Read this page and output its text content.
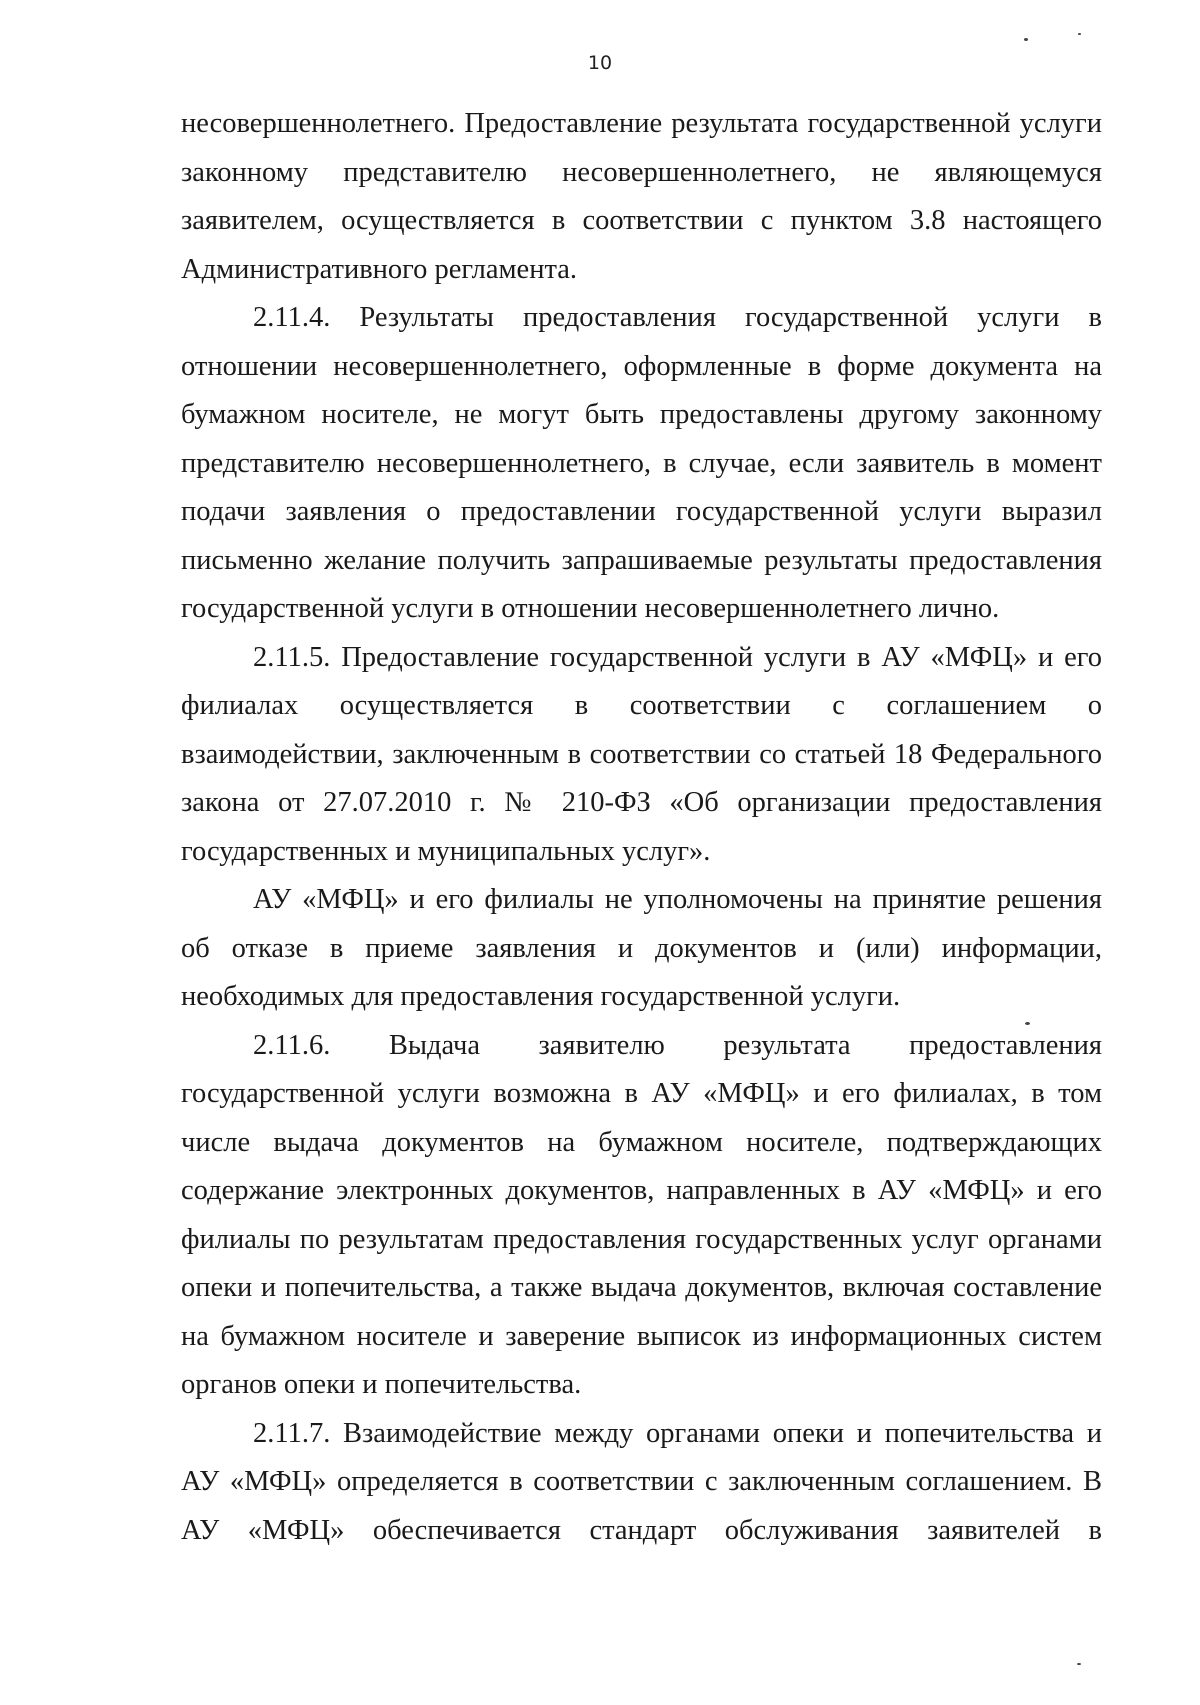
10

несовершеннолетнего. Предоставление результата государственной услуги законному представителю несовершеннолетнего, не являющемуся заявителем, осуществляется в соответствии с пунктом 3.8 настоящего Административного регламента.

2.11.4. Результаты предоставления государственной услуги в отношении несовершеннолетнего, оформленные в форме документа на бумажном носителе, не могут быть предоставлены другому законному представителю несовершеннолетнего, в случае, если заявитель в момент подачи заявления о предоставлении государственной услуги выразил письменно желание получить запрашиваемые результаты предоставления государственной услуги в отношении несовершеннолетнего лично.

2.11.5. Предоставление государственной услуги в АУ «МФЦ» и его филиалах осуществляется в соответствии с соглашением о взаимодействии, заключенным в соответствии со статьей 18 Федерального закона от 27.07.2010 г. № 210-ФЗ «Об организации предоставления государственных и муниципальных услуг».

АУ «МФЦ» и его филиалы не уполномочены на принятие решения об отказе в приеме заявления и документов и (или) информации, необходимых для предоставления государственной услуги.

2.11.6. Выдача заявителю результата предоставления государственной услуги возможна в АУ «МФЦ» и его филиалах, в том числе выдача документов на бумажном носителе, подтверждающих содержание электронных документов, направленных в АУ «МФЦ» и его филиалы по результатам предоставления государственных услуг органами опеки и попечительства, а также выдача документов, включая составление на бумажном носителе и заверение выписок из информационных систем органов опеки и попечительства.

2.11.7. Взаимодействие между органами опеки и попечительства и АУ «МФЦ» определяется в соответствии с заключенным соглашением. В АУ «МФЦ» обеспечивается стандарт обслуживания заявителей в
